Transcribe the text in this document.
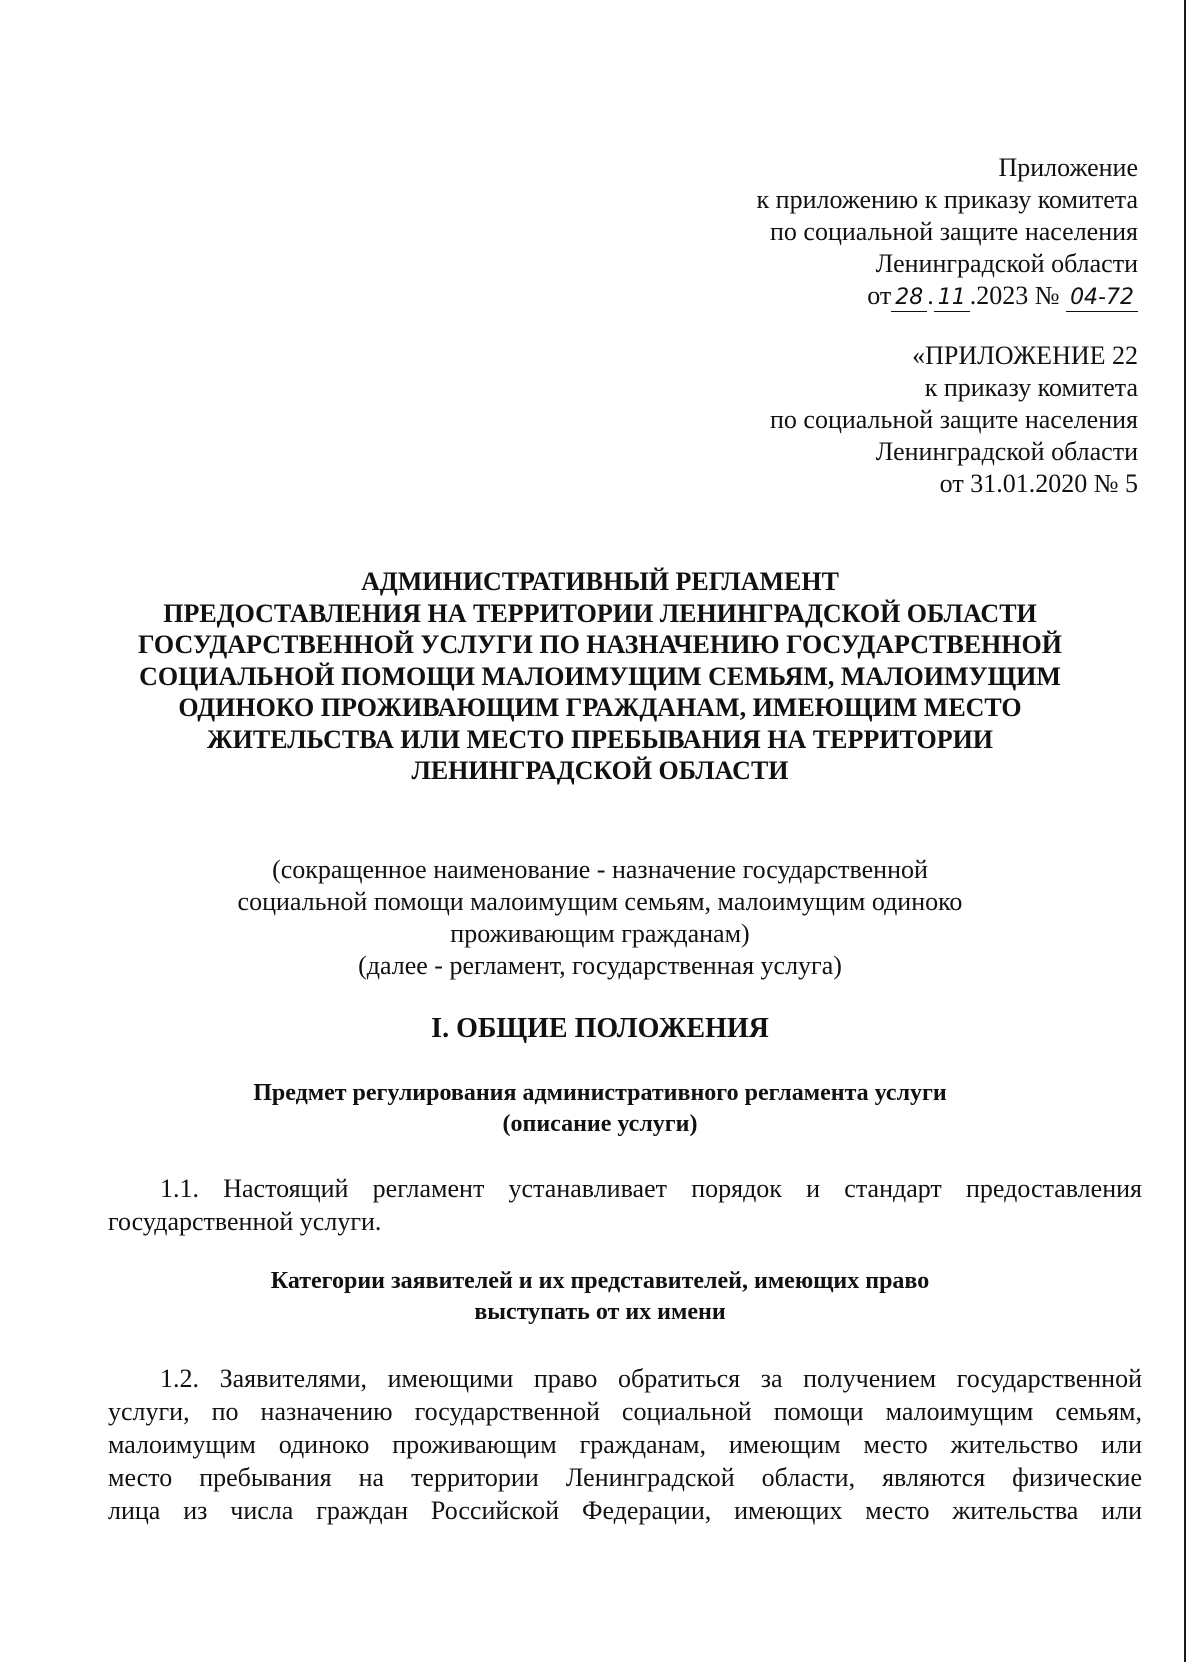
Приложение
к приложению к приказу комитета
по социальной защите населения
Ленинградской области
от 28 . 11 .2023 № 04-72
«ПРИЛОЖЕНИЕ 22
к приказу комитета
по социальной защите населения
Ленинградской области
от 31.01.2020 № 5
АДМИНИСТРАТИВНЫЙ РЕГЛАМЕНТ
ПРЕДОСТАВЛЕНИЯ НА ТЕРРИТОРИИ ЛЕНИНГРАДСКОЙ ОБЛАСТИ
ГОСУДАРСТВЕННОЙ УСЛУГИ ПО НАЗНАЧЕНИЮ ГОСУДАРСТВЕННОЙ
СОЦИАЛЬНОЙ ПОМОЩИ МАЛОИМУЩИМ СЕМЬЯМ, МАЛОИМУЩИМ
ОДИНОКО ПРОЖИВАЮЩИМ ГРАЖДАНАМ, ИМЕЮЩИМ МЕСТО
ЖИТЕЛЬСТВА ИЛИ МЕСТО ПРЕБЫВАНИЯ НА ТЕРРИТОРИИ
ЛЕНИНГРАДСКОЙ ОБЛАСТИ
(сокращенное наименование - назначение государственной
социальной помощи малоимущим семьям, малоимущим одиноко
проживающим гражданам)
(далее - регламент, государственная услуга)
I. ОБЩИЕ ПОЛОЖЕНИЯ
Предмет регулирования административного регламента услуги
(описание услуги)
1.1. Настоящий регламент устанавливает порядок и стандарт предоставления
государственной услуги.
Категории заявителей и их представителей, имеющих право
выступать от их имени
1.2. Заявителями, имеющими право обратиться за получением государственной
услуги, по назначению государственной социальной помощи малоимущим семьям,
малоимущим одиноко проживающим гражданам, имеющим место жительство или
место пребывания на территории Ленинградской области, являются физические
лица из числа граждан Российской Федерации, имеющих место жительства или
